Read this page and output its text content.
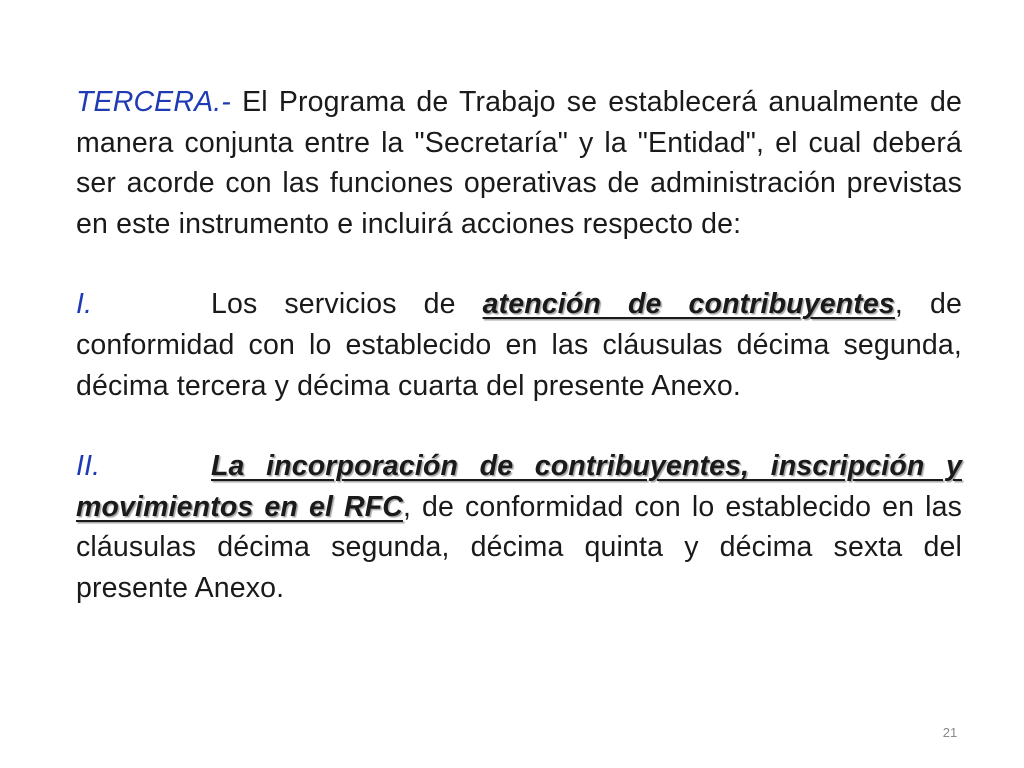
TERCERA.- El Programa de Trabajo se establecerá anualmente de manera conjunta entre la "Secretaría" y la "Entidad", el cual deberá ser acorde con las funciones operativas de administración previstas en este instrumento e incluirá acciones respecto de:

I.	Los servicios de atención de contribuyentes, de conformidad con lo establecido en las cláusulas décima segunda, décima tercera y décima cuarta del presente Anexo.

II.	La incorporación de contribuyentes, inscripción y movimientos en el RFC, de conformidad con lo establecido en las cláusulas décima segunda, décima quinta y décima sexta del presente Anexo.

21
